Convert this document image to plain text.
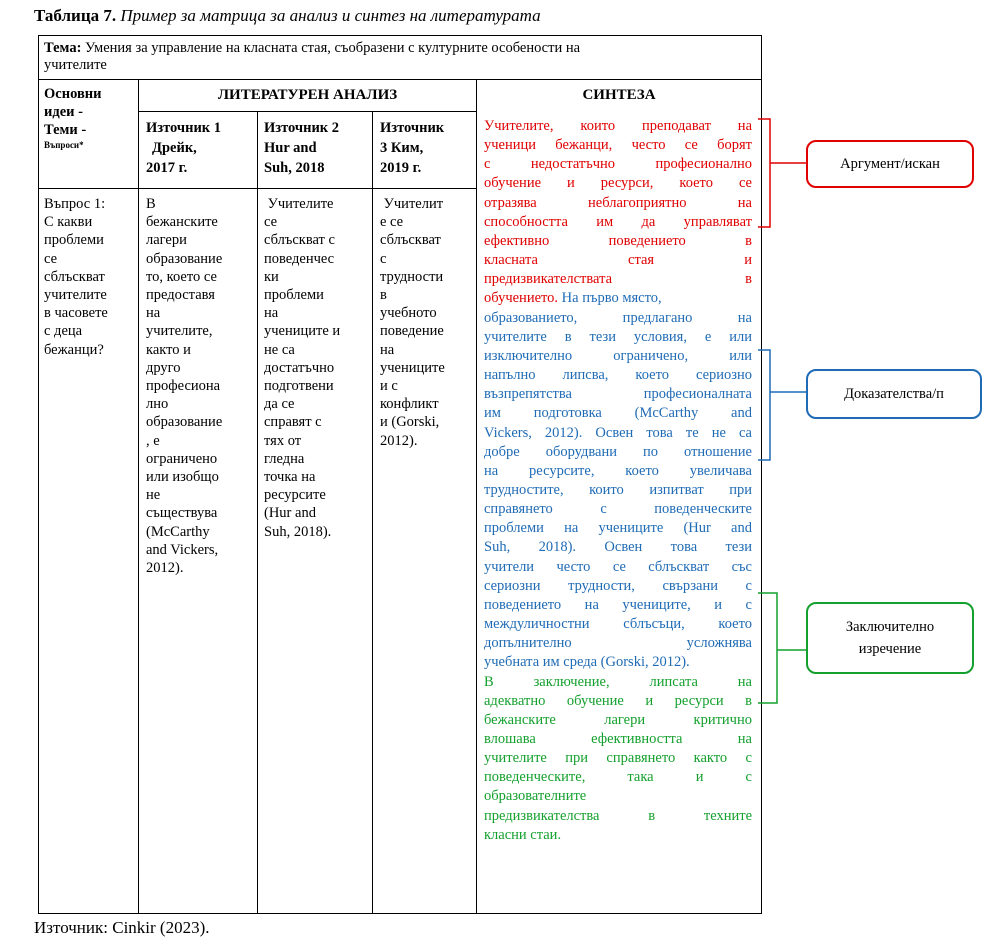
Таблица 7. Пример за матрица за анализ и синтез на литературата
Тема: Умения за управление на класната стая, съобразени с културните особености на
учителите
Основни
идеи -
Теми -
Въпроси*
ЛИТЕРАТУРЕН АНАЛИЗ	СИНТЕЗА
Източник 1
Дрейк,
2017 г.
Източник 2
Hur and
Suh, 2018
Източник
3 Ким,
2019 г.
Въпрос 1:
С какви
проблеми
се
сблъскват
учителите
в часовете
с деца
бежанци?
В
бежанските
лагери
образование
то, което се
предоставя
на
учителите,
както и
друго
професиона
лно
образование
, е
ограничено
или изобщо
не
съществува
(McCarthy
and Vickers,
2012).
Учителите
се
сблъскват с
поведенчес
ки
проблеми
на
учениците и
не са
достатъчно
подготвени
да се
справят с
тях от
гледна
точка на
ресурсите
(Hur and
Suh, 2018).
Учителит
е се
сблъскват
с
трудности
в
учебното
поведение
на
учениците
и с
конфликт
и (Gorski,
2012).
Учителите, които преподават на
ученици бежанци, често се борят
с недостатъчно професионално
обучение и ресурси, което се
отразява неблагоприятно на
способността им да управляват
ефективно поведението в
класната стая и
предизвикателствата в
обучението. На първо място,
образованието, предлагано на
учителите в тези условия, е или
изключително ограничено, или
напълно липсва, което сериозно
възпрепятства професионалната
им подготовка (McCarthy and
Vickers, 2012). Освен това те не са
добре оборудвани по отношение
на ресурсите, което увеличава
трудностите, които изпитват при
справянето с поведенческите
проблеми на учениците (Hur and
Suh, 2018). Освен това тези
учители често се сблъскват със
сериозни трудности, свързани с
поведението на учениците, и с
междуличностни сблъсъци, което
допълнително усложнява
учебната им среда (Gorski, 2012).
В заключение, липсата на
адекватно обучение и ресурси в
бежанските лагери критично
влошава ефективността на
учителите при справянето както с
поведенческите, така и с
образователните
предизвикателства в техните
класни стаи.
Аргумент/искан
Доказателства/п
Заключително
изречение
Източник: Cinkir (2023).
